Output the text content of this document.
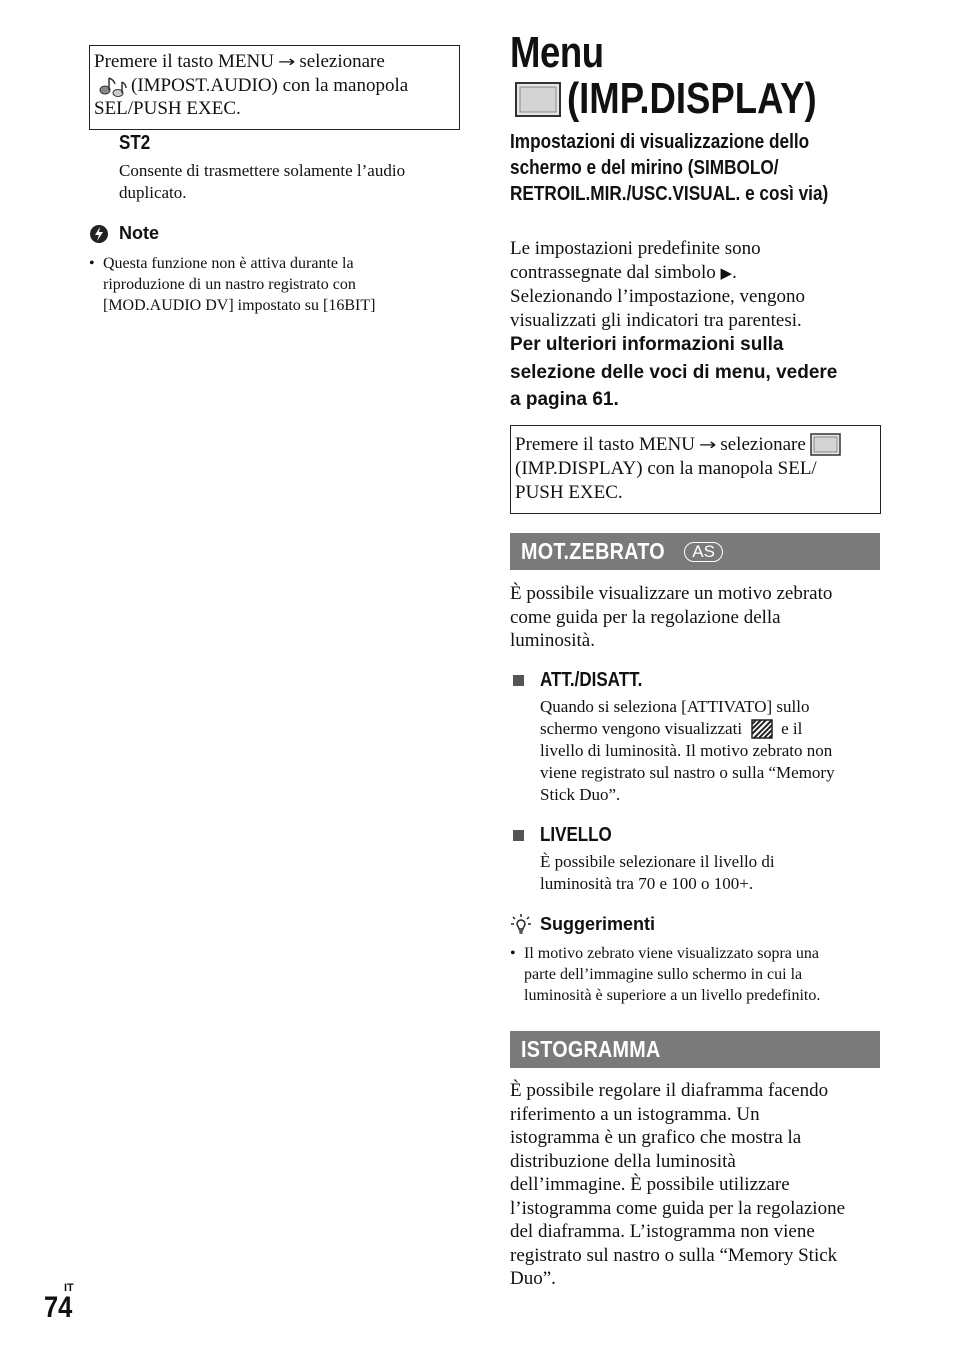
Premere il tasto MENU → selezionare
(IMPOST.AUDIO) con la manopola
SEL/PUSH EXEC.
ST2
Consente di trasmettere solamente l’audio
duplicato.
Note
• Questa funzione non è attiva durante la
riproduzione di un nastro registrato con
[MOD.AUDIO DV] impostato su [16BIT]
Menu
(IMP.DISPLAY)
Impostazioni di visualizzazione dello
schermo e del mirino (SIMBOLO/
RETROIL.MIR./USC.VISUAL. e così via)
Le impostazioni predefinite sono
contrassegnate dal simbolo ▶.
Selezionando l’impostazione, vengono
visualizzati gli indicatori tra parentesi.
Per ulteriori informazioni sulla
selezione delle voci di menu, vedere
a pagina 61.
Premere il tasto MENU → selezionare
(IMP.DISPLAY) con la manopola SEL/
PUSH EXEC.
MOT.ZEBRATO	AS
È possibile visualizzare un motivo zebrato
come guida per la regolazione della
luminosità.
ATT./DISATT.
Quando si seleziona [ATTIVATO] sullo
schermo vengono visualizzati e il
livello di luminosità. Il motivo zebrato non
viene registrato sul nastro o sulla “Memory
Stick Duo”.
LIVELLO
È possibile selezionare il livello di
luminosità tra 70 e 100 o 100+.
Suggerimenti
• Il motivo zebrato viene visualizzato sopra una
parte dell’immagine sullo schermo in cui la
luminosità è superiore a un livello predefinito.
ISTOGRAMMA
È possibile regolare il diaframma facendo
riferimento a un istogramma. Un
istogramma è un grafico che mostra la
distribuzione della luminosità
dell’immagine. È possibile utilizzare
l’istogramma come guida per la regolazione
del diaframma. L’istogramma non viene
registrato sul nastro o sulla “Memory Stick
Duo”.
IT
74
